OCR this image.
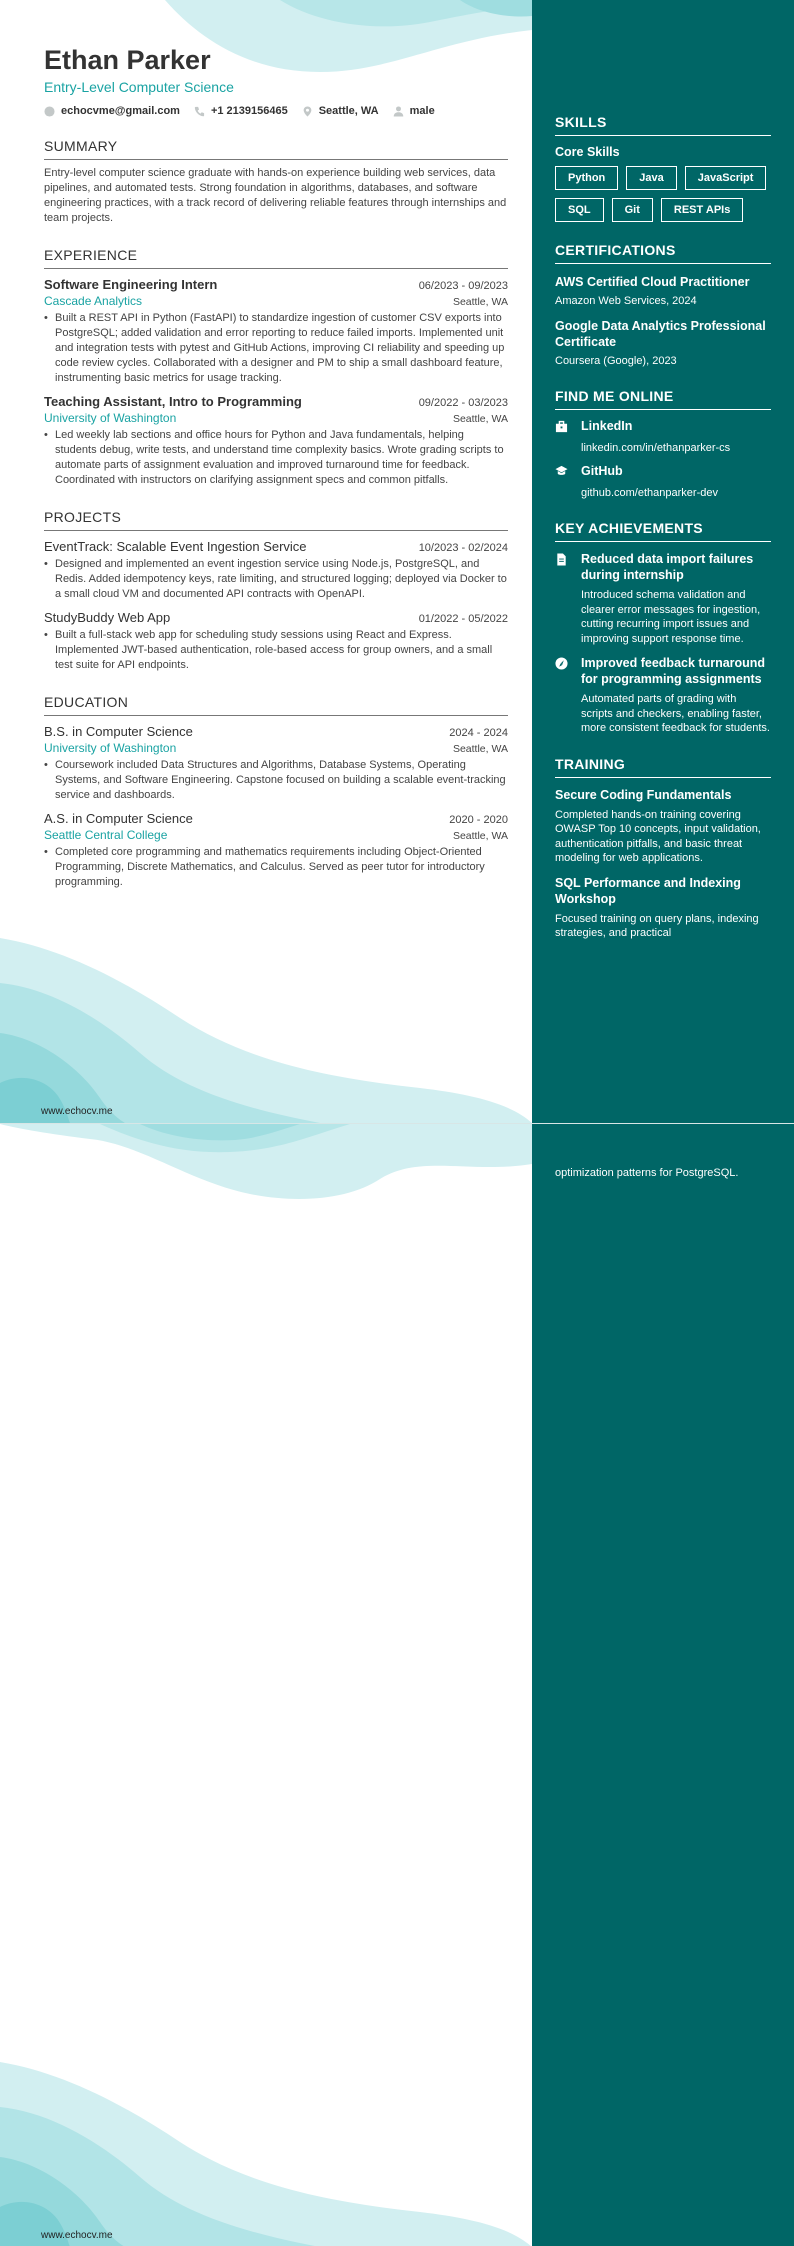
Ethan Parker
Entry-Level Computer Science
echocvme@gmail.com	+1 2139156465	Seattle, WA	male
SUMMARY
Entry-level computer science graduate with hands-on experience building web services, data pipelines, and automated tests. Strong foundation in algorithms, databases, and software engineering practices, with a track record of delivering reliable features through internships and team projects.
EXPERIENCE
Software Engineering Intern	06/2023 - 09/2023
Cascade Analytics	Seattle, WA
• Built a REST API in Python (FastAPI) to standardize ingestion of customer CSV exports into PostgreSQL; added validation and error reporting to reduce failed imports. Implemented unit and integration tests with pytest and GitHub Actions, improving CI reliability and speeding up code review cycles. Collaborated with a designer and PM to ship a small dashboard feature, instrumenting basic metrics for usage tracking.
Teaching Assistant, Intro to Programming	09/2022 - 03/2023
University of Washington	Seattle, WA
• Led weekly lab sections and office hours for Python and Java fundamentals, helping students debug, write tests, and understand time complexity basics. Wrote grading scripts to automate parts of assignment evaluation and improved turnaround time for feedback. Coordinated with instructors on clarifying assignment specs and common pitfalls.
PROJECTS
EventTrack: Scalable Event Ingestion Service	10/2023 - 02/2024
• Designed and implemented an event ingestion service using Node.js, PostgreSQL, and Redis. Added idempotency keys, rate limiting, and structured logging; deployed via Docker to a small cloud VM and documented API contracts with OpenAPI.
StudyBuddy Web App	01/2022 - 05/2022
• Built a full-stack web app for scheduling study sessions using React and Express. Implemented JWT-based authentication, role-based access for group owners, and a small test suite for API endpoints.
EDUCATION
B.S. in Computer Science	2024 - 2024
University of Washington	Seattle, WA
• Coursework included Data Structures and Algorithms, Database Systems, Operating Systems, and Software Engineering. Capstone focused on building a scalable event-tracking service and dashboards.
A.S. in Computer Science	2020 - 2020
Seattle Central College	Seattle, WA
• Completed core programming and mathematics requirements including Object-Oriented Programming, Discrete Mathematics, and Calculus. Served as peer tutor for introductory programming.
www.echocv.me
SKILLS
Core Skills
Python	Java	JavaScript
SQL	Git	REST APIs
CERTIFICATIONS
AWS Certified Cloud Practitioner
Amazon Web Services, 2024
Google Data Analytics Professional Certificate
Coursera (Google), 2023
FIND ME ONLINE
LinkedIn
linkedin.com/in/ethanparker-cs
GitHub
github.com/ethanparker-dev
KEY ACHIEVEMENTS
Reduced data import failures during internship
Introduced schema validation and clearer error messages for ingestion, cutting recurring import issues and improving support response time.
Improved feedback turnaround for programming assignments
Automated parts of grading with scripts and checkers, enabling faster, more consistent feedback for students.
TRAINING
Secure Coding Fundamentals
Completed hands-on training covering OWASP Top 10 concepts, input validation, authentication pitfalls, and basic threat modeling for web applications.
SQL Performance and Indexing Workshop
Focused training on query plans, indexing strategies, and practical
www.echocv.me
optimization patterns for PostgreSQL.
